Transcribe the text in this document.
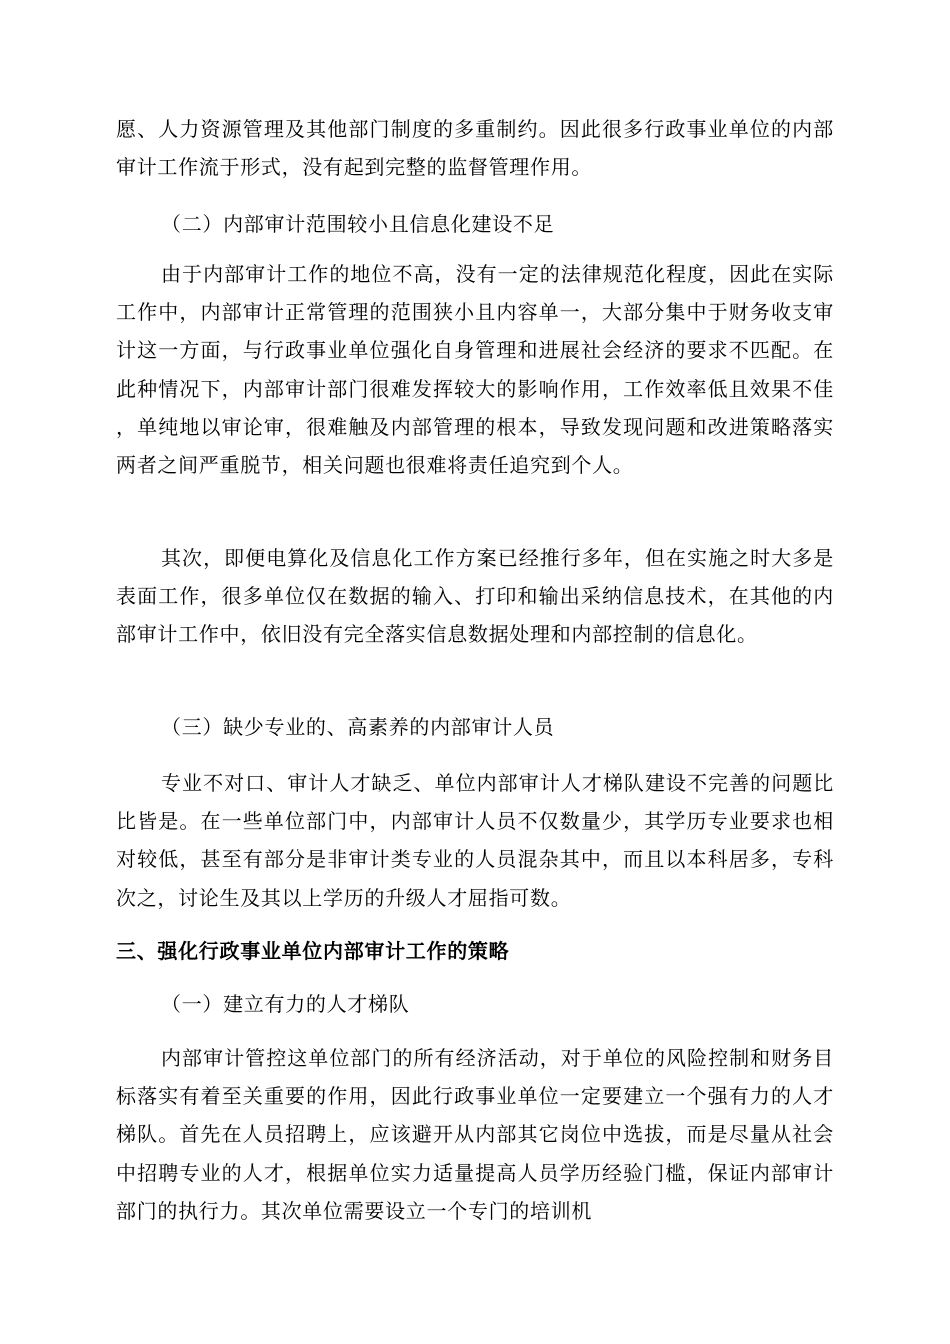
愿、人力资源管理及其他部门制度的多重制约。因此很多行政事业单位的内部审计工作流于形式，没有起到完整的监督管理作用。

（二）内部审计范围较小且信息化建设不足

由于内部审计工作的地位不高，没有一定的法律规范化程度，因此在实际工作中，内部审计正常管理的范围狭小且内容单一，大部分集中于财务收支审计这一方面，与行政事业单位强化自身管理和进展社会经济的要求不匹配。在此种情况下，内部审计部门很难发挥较大的影响作用，工作效率低且效果不佳，单纯地以审论审，很难触及内部管理的根本，导致发现问题和改进策略落实两者之间严重脱节，相关问题也很难将责任追究到个人。

其次，即便电算化及信息化工作方案已经推行多年，但在实施之时大多是表面工作，很多单位仅在数据的输入、打印和输出采纳信息技术，在其他的内部审计工作中，依旧没有完全落实信息数据处理和内部控制的信息化。

（三）缺少专业的、高素养的内部审计人员

专业不对口、审计人才缺乏、单位内部审计人才梯队建设不完善的问题比比皆是。在一些单位部门中，内部审计人员不仅数量少，其学历专业要求也相对较低，甚至有部分是非审计类专业的人员混杂其中，而且以本科居多，专科次之，讨论生及其以上学历的升级人才屈指可数。

三、强化行政事业单位内部审计工作的策略

（一）建立有力的人才梯队

内部审计管控这单位部门的所有经济活动，对于单位的风险控制和财务目标落实有着至关重要的作用，因此行政事业单位一定要建立一个强有力的人才梯队。首先在人员招聘上，应该避开从内部其它岗位中选拔，而是尽量从社会中招聘专业的人才，根据单位实力适量提高人员学历经验门槛，保证内部审计部门的执行力。其次单位需要设立一个专门的培训机
